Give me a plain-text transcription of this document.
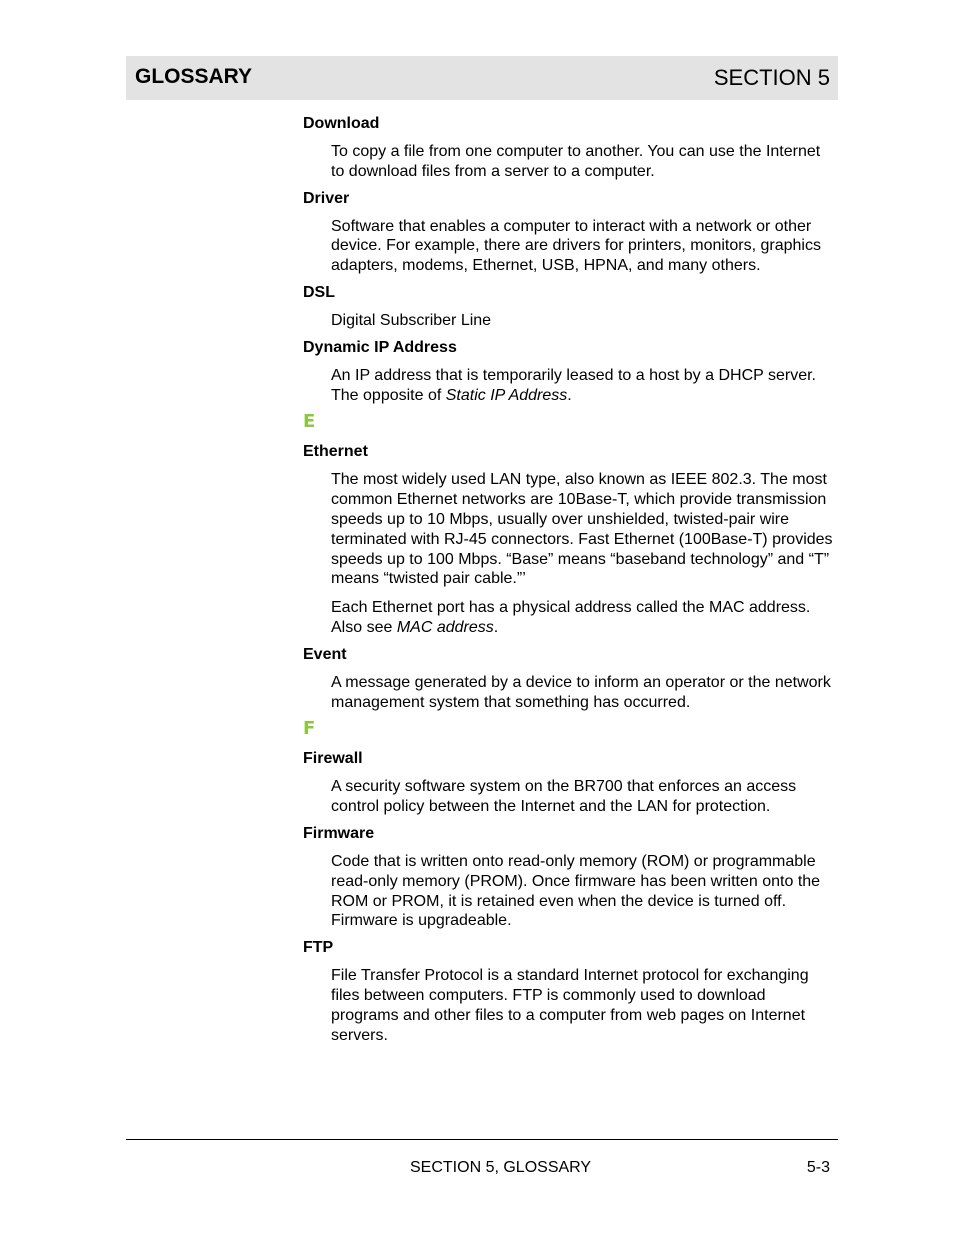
GLOSSARY	SECTION 5
Download

To copy a file from one computer to another. You can use the Internet to download files from a server to a computer.

Driver

Software that enables a computer to interact with a network or other device. For example, there are drivers for printers, monitors, graphics adapters, modems, Ethernet, USB, HPNA, and many others.

DSL

Digital Subscriber Line

Dynamic IP Address

An IP address that is temporarily leased to a host by a DHCP server. The opposite of Static IP Address.

E
Ethernet

The most widely used LAN type, also known as IEEE 802.3. The most common Ethernet networks are 10Base-T, which provide transmission speeds up to 10 Mbps, usually over unshielded, twisted-pair wire terminated with RJ-45 connectors. Fast Ethernet (100Base-T) provides speeds up to 100 Mbps. “Base” means “baseband technology” and “T” means “twisted pair cable.”’

Each Ethernet port has a physical address called the MAC address. Also see MAC address.

Event

A message generated by a device to inform an operator or the network management system that something has occurred.

F
Firewall

A security software system on the BR700 that enforces an access control policy between the Internet and the LAN for protection.

Firmware

Code that is written onto read-only memory (ROM) or programmable read-only memory (PROM). Once firmware has been written onto the ROM or PROM, it is retained even when the device is turned off. Firmware is upgradeable.

FTP

File Transfer Protocol is a standard Internet protocol for exchanging files between computers. FTP is commonly used to download programs and other files to a computer from web pages on Internet servers.

SECTION 5, GLOSSARY	5-3
